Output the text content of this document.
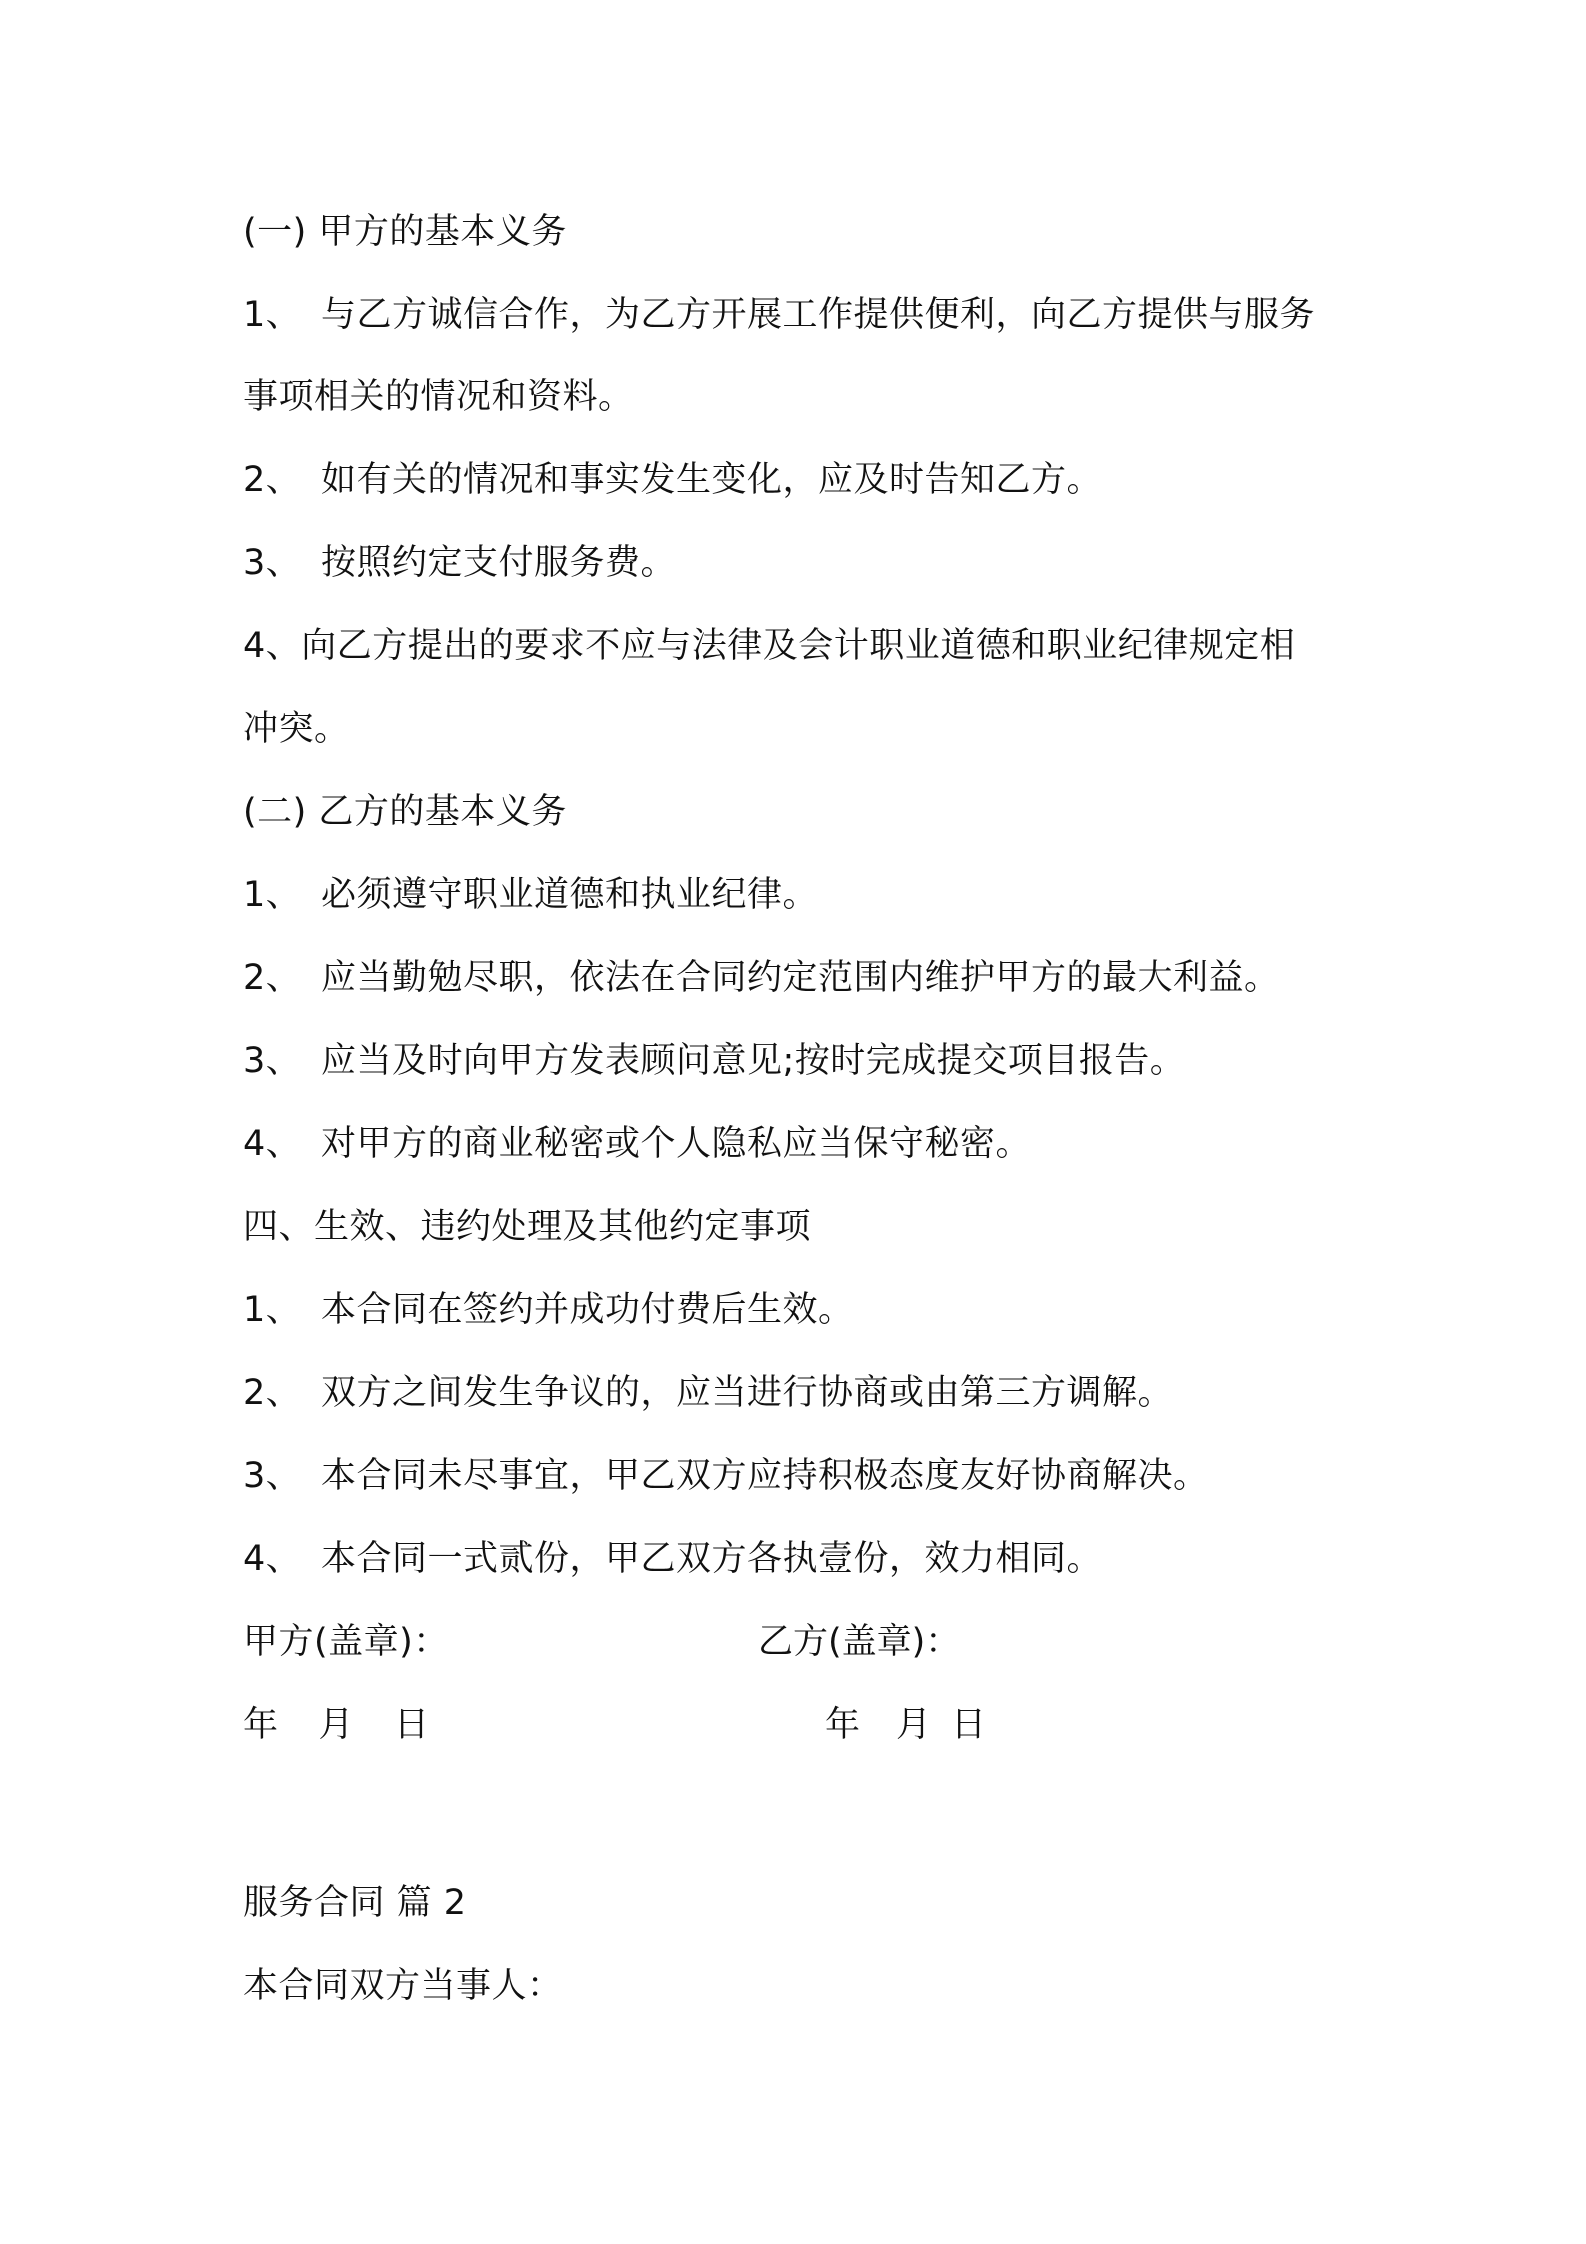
(一) 甲方的基本义务
1、 与乙方诚信合作，为乙方开展工作提供便利，向乙方提供与服务
事项相关的情况和资料。
2、 如有关的情况和事实发生变化，应及时告知乙方。
3、 按照约定支付服务费。
4、向乙方提出的要求不应与法律及会计职业道德和职业纪律规定相
冲突。
(二) 乙方的基本义务
1、 必须遵守职业道德和执业纪律。
2、 应当勤勉尽职，依法在合同约定范围内维护甲方的最大利益。
3、 应当及时向甲方发表顾问意见;按时完成提交项目报告。
4、 对甲方的商业秘密或个人隐私应当保守秘密。
四、生效、违约处理及其他约定事项
1、 本合同在签约并成功付费后生效。
2、 双方之间发生争议的，应当进行协商或由第三方调解。
3、 本合同未尽事宜，甲乙双方应持积极态度友好协商解决。
4、 本合同一式贰份，甲乙双方各执壹份，效力相同。
甲方(盖章)：	乙方(盖章)：
年 月 日	年 月 日
服务合同 篇 2
本合同双方当事人：
